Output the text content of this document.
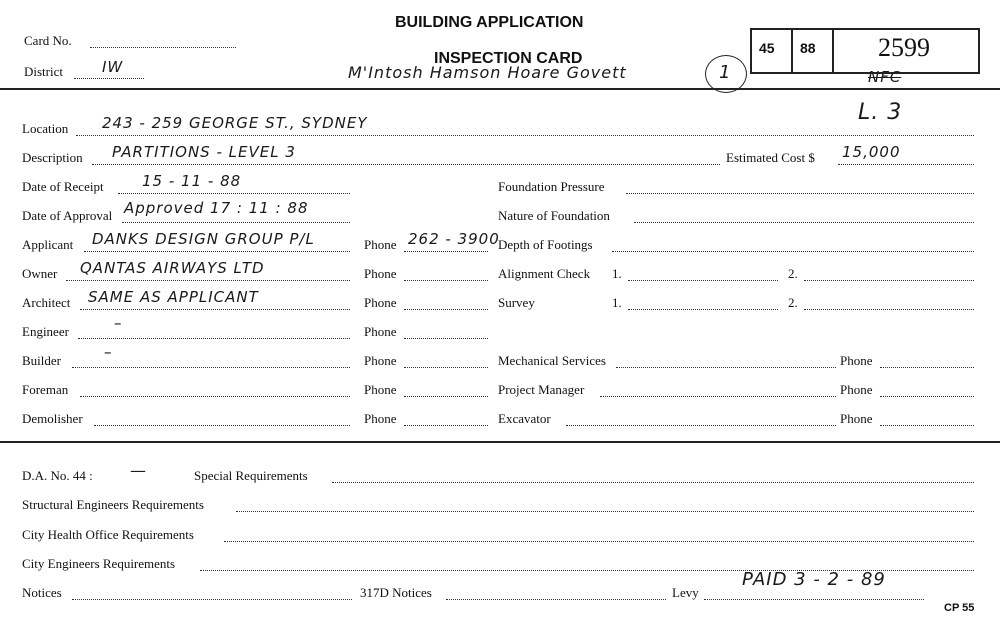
BUILDING APPLICATION
INSPECTION CARD
Card No.
District	IW	M'Intosh Hamson Hoare Govett	1
45 88 2599
NFC
L. 3
Location 243 - 259 GEORGE ST., SYDNEY
Description PARTITIONS - LEVEL 3	Estimated Cost $ 15,000
Date of Receipt	15 - 11 - 88
Date of Approval Approved 17 : 11 : 88
Applicant DANKS DESIGN GROUP P/L	Phone 262 - 3900
Owner QANTAS AIRWAYS LTD	Phone
Architect SAME AS APPLICANT	Phone
Engineer	–	Phone
Builder	–	Phone
Foreman	Phone
Demolisher	Phone
Foundation Pressure
Nature of Foundation
Depth of Footings
Alignment Check 1.	2.
Survey	1.	2.
Mechanical Services	Phone
Project Manager	Phone
Excavator	Phone
D.A. No. 44 : —	Special Requirements
Structural Engineers Requirements
City Health Office Requirements
City Engineers Requirements
Notices	317D Notices	Levy
PAID 3 - 2 - 89
CP 55
